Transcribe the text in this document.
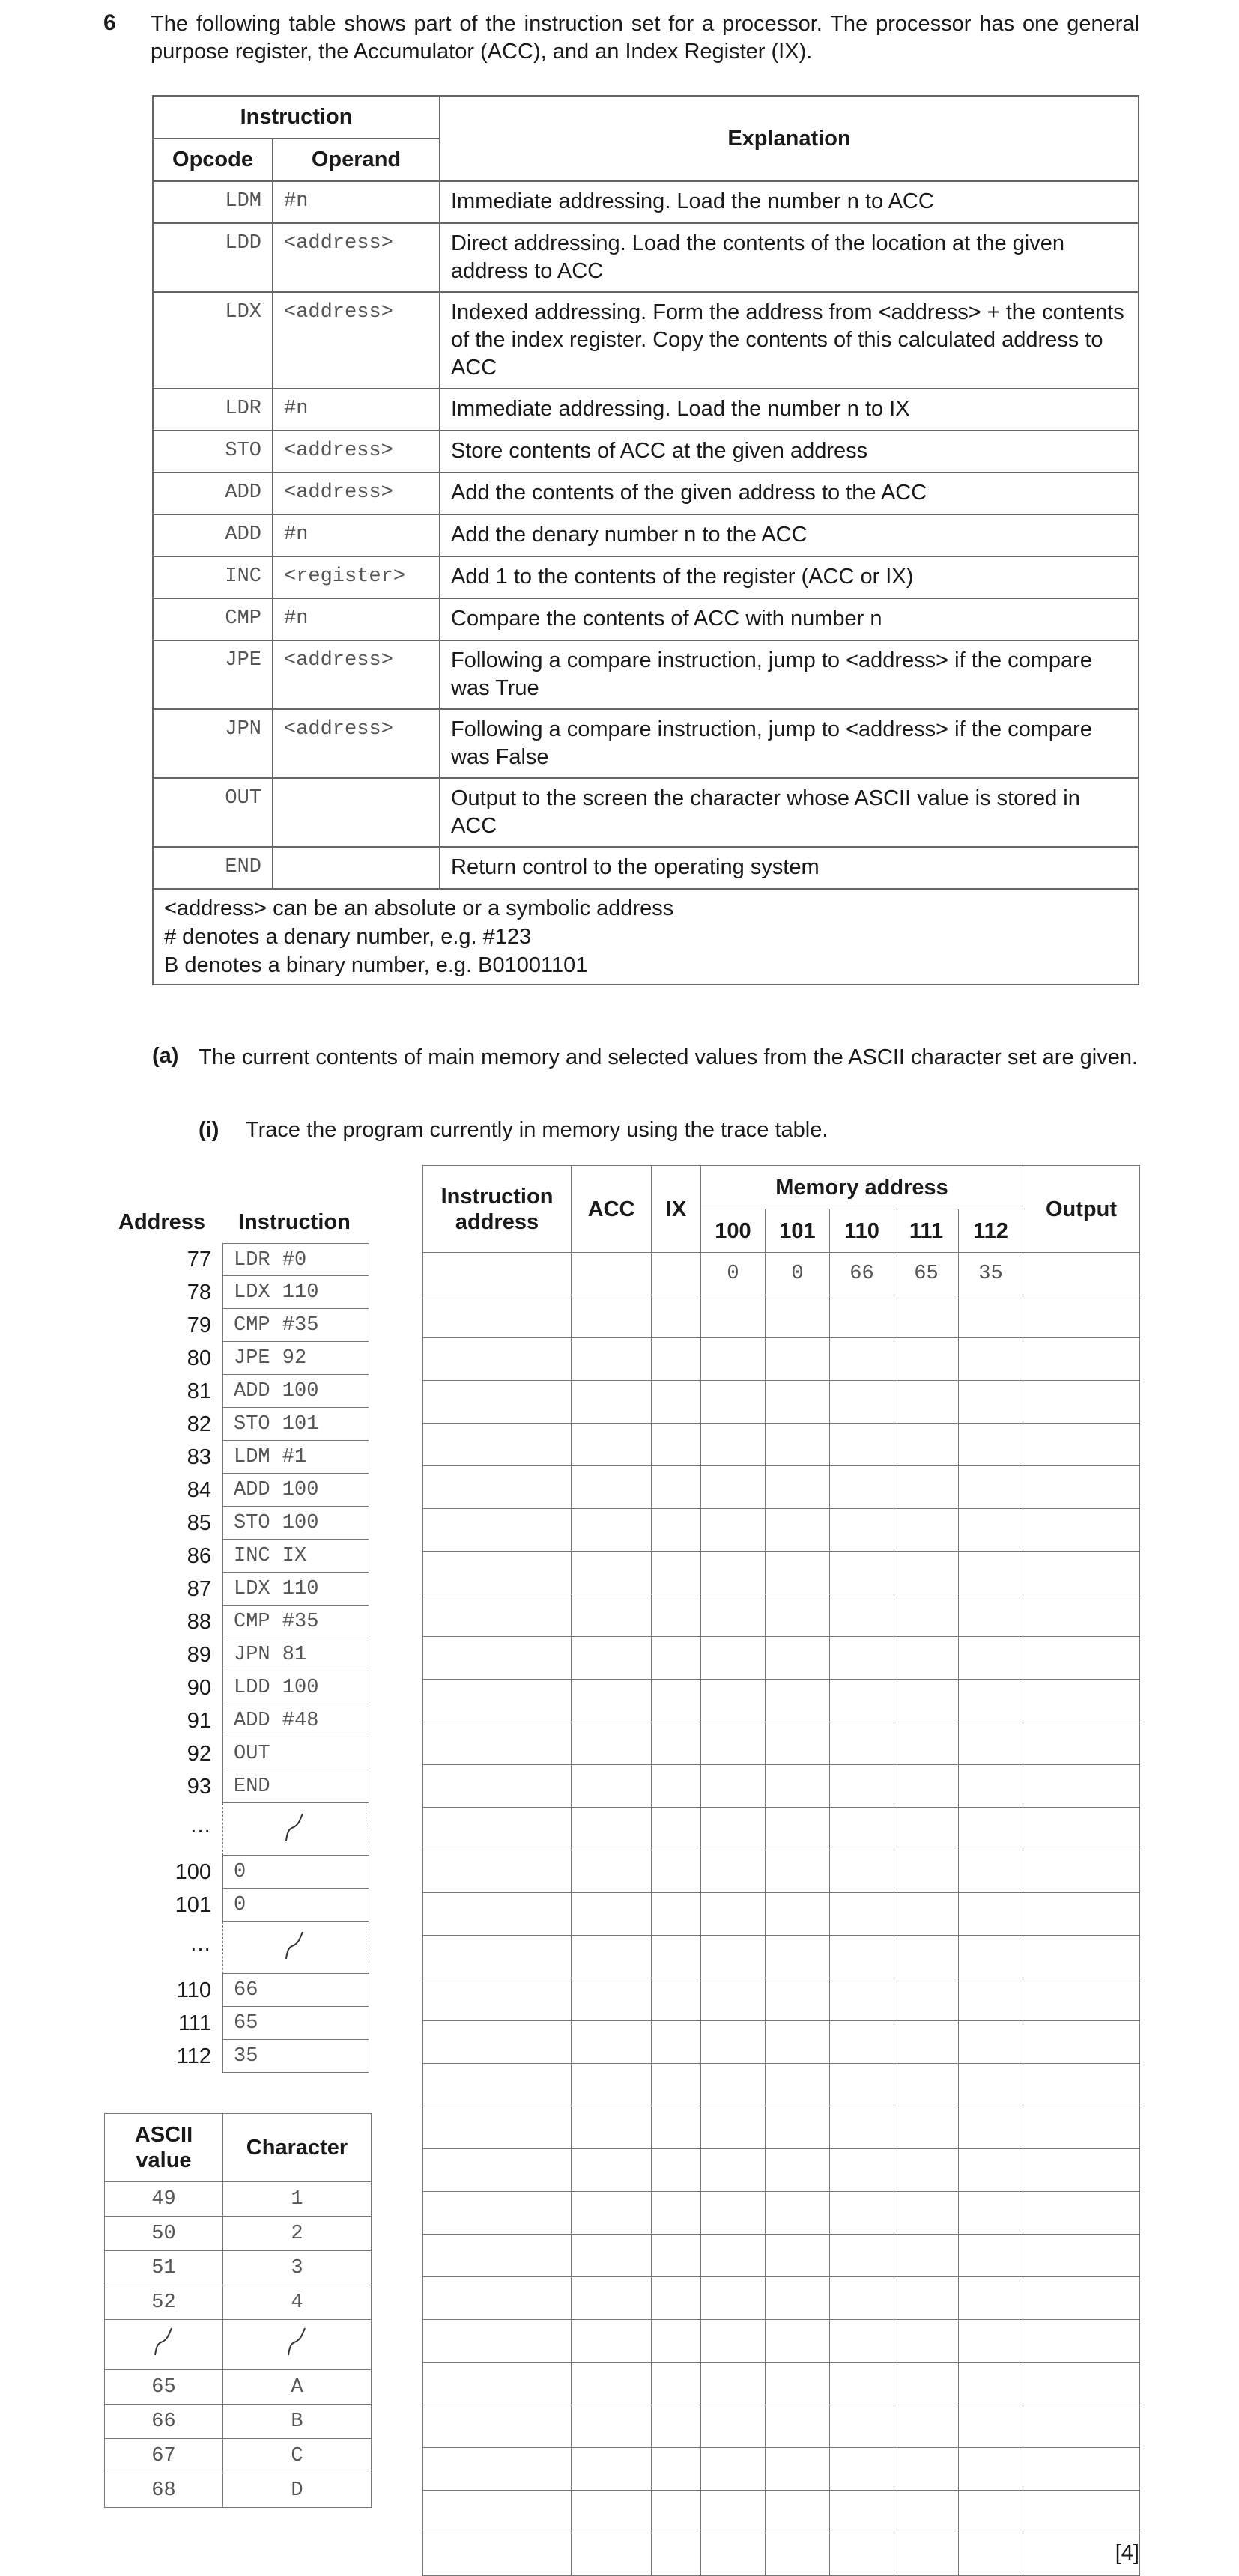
6 The following table shows part of the instruction set for a processor. The processor has one general purpose register, the Accumulator (ACC), and an Index Register (IX).
Instruction		Explanation
Opcode	Operand	
LDM	#n	Immediate addressing. Load the number n to ACC
LDD	<address>	Direct addressing. Load the contents of the location at the given address to ACC
LDX	<address>	Indexed addressing. Form the address from <address> + the contents of the index register. Copy the contents of this calculated address to ACC
LDR	#n	Immediate addressing. Load the number n to IX
STO	<address>	Store contents of ACC at the given address
ADD	<address>	Add the contents of the given address to the ACC
ADD	#n	Add the denary number n to the ACC
INC	<register>	Add 1 to the contents of the register (ACC or IX)
CMP	#n	Compare the contents of ACC with number n
JPE	<address>	Following a compare instruction, jump to <address> if the compare was True
JPN	<address>	Following a compare instruction, jump to <address> if the compare was False
OUT		Output to the screen the character whose ASCII value is stored in ACC
END		Return control to the operating system

<address> can be an absolute or a symbolic address
# denotes a denary number, e.g. #123
B denotes a binary number, e.g. B01001101		
(a) The current contents of main memory and selected values from the ASCII character set are given.
(i) Trace the program currently in memory using the trace table.
Address Instruction
77	LDR #0
78	LDX 110
79	CMP #35
80	JPE 92
81	ADD 100
82	STO 101
83	LDM #1
84	ADD 100
85	STO 100
86	INC IX
87	LDX 110
88	CMP #35
89	JPN 81
90	LDD 100
91	ADD #48
92	OUT
93	END
…
100	0
101	0
…
110	66
111	65
112	35
ASCII value	Character
49	1
50	2
51	3
52	4

65	A
66	B
67	C
68	D
Instruction address	ACC	IX	Memory address					Output
			100	101	110	111	112	
			0	0	66	65	35	

[4]
